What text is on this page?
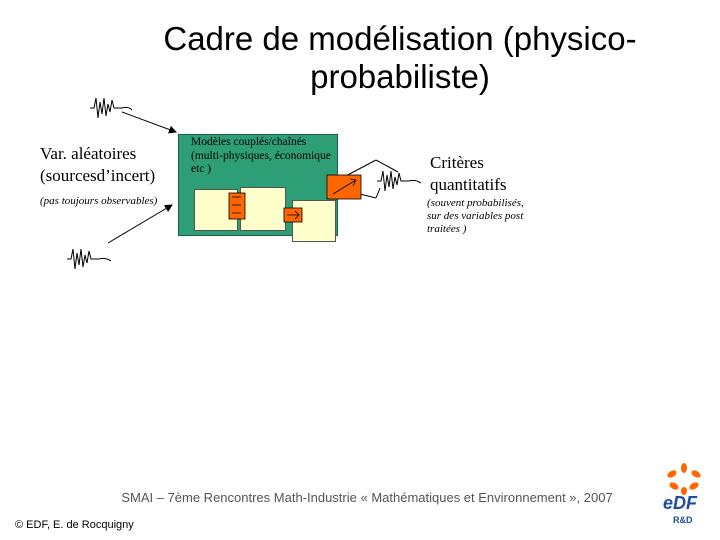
Cadre de modélisation (physico-probabiliste)
Var. aléatoires (sourcesd’incert)
(pas toujours observables)
Modèles couplés/chaînés (multi-physiques, économique etc )	Critères quantitatifs
(souvent probabilisés, sur des variables post traitées )
SMAI – 7ème Rencontres Math-Industrie « Mathématiques et Environnement », 2007
© EDF, E. de Rocquigny
eDF
R&D
